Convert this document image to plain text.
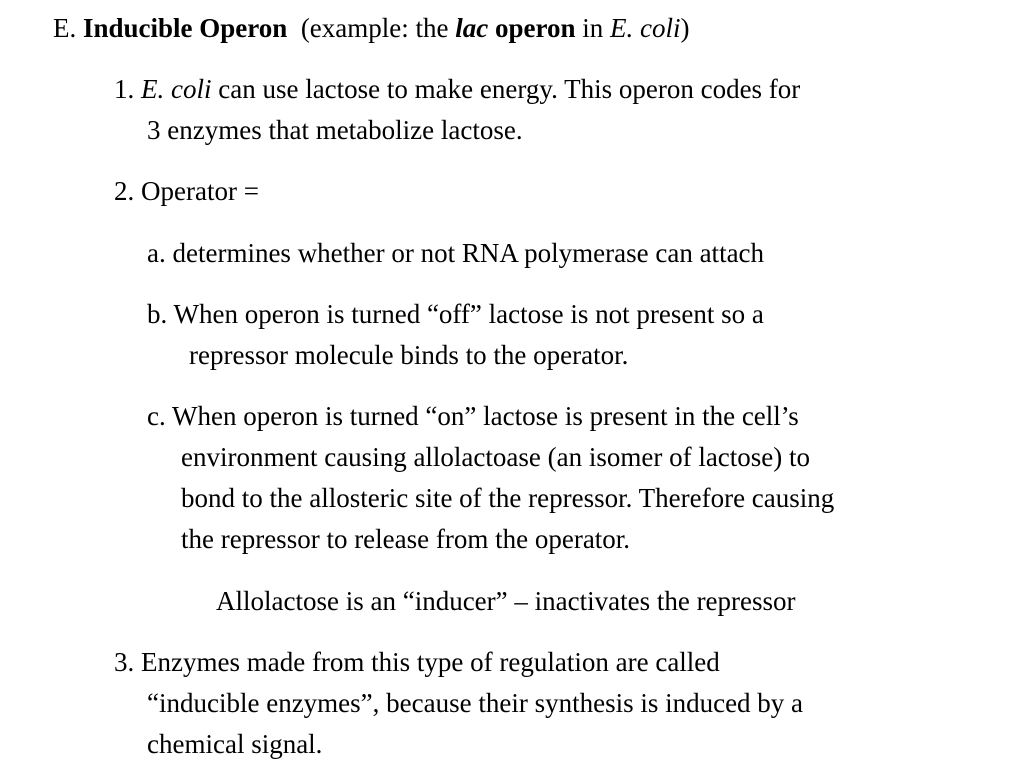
E. Inducible Operon (example: the lac operon in E. coli)
1. E. coli can use lactose to make energy. This operon codes for
3 enzymes that metabolize lactose.
2. Operator =
a. determines whether or not RNA polymerase can attach
b. When operon is turned “off” lactose is not present so a
repressor molecule binds to the operator.
c. When operon is turned “on” lactose is present in the cell’s
environment causing allolactoase (an isomer of lactose) to
bond to the allosteric site of the repressor. Therefore causing
the repressor to release from the operator.
Allolactose is an “inducer” – inactivates the repressor
3. Enzymes made from this type of regulation are called
“inducible enzymes”, because their synthesis is induced by a
chemical signal.
